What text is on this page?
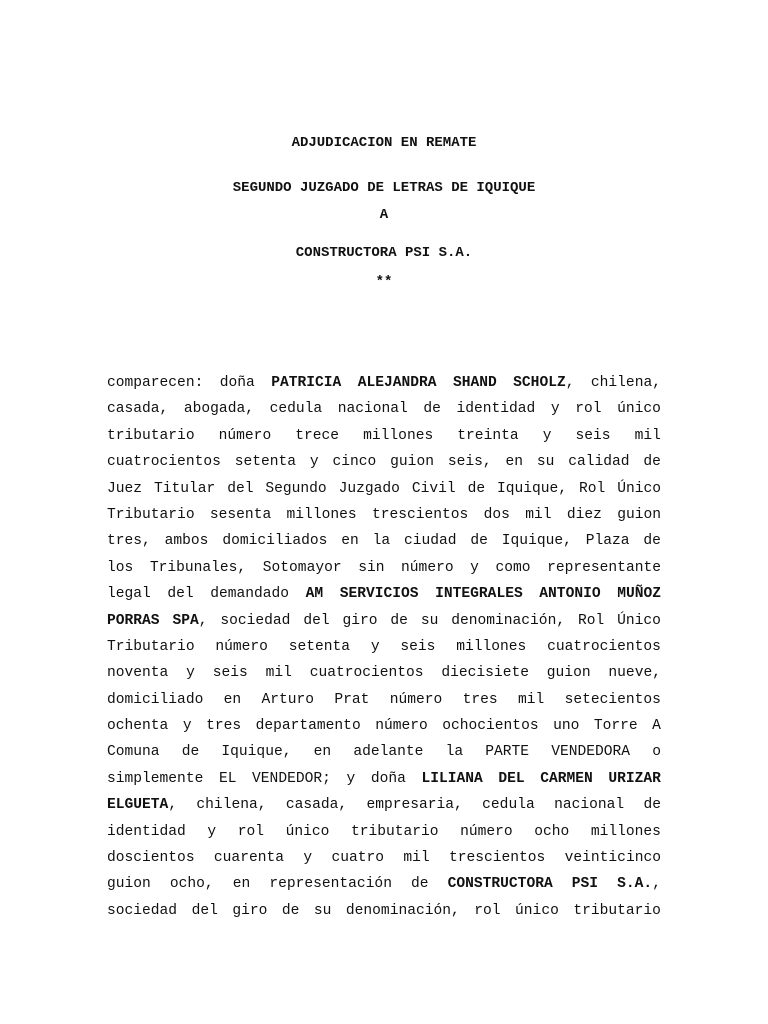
ADJUDICACION EN REMATE
SEGUNDO JUZGADO DE LETRAS DE IQUIQUE
A
CONSTRUCTORA PSI S.A.
**
comparecen: doña PATRICIA ALEJANDRA SHAND SCHOLZ, chilena,
casada, abogada, cedula nacional de identidad y rol único
tributario número trece millones treinta y seis mil
cuatrocientos setenta y cinco guion seis, en su calidad de
Juez Titular del Segundo Juzgado Civil de Iquique, Rol Único
Tributario sesenta millones trescientos dos mil diez guion
tres, ambos domiciliados en la ciudad de Iquique, Plaza de
los Tribunales, Sotomayor sin número y como representante
legal del demandado AM SERVICIOS INTEGRALES ANTONIO MUÑOZ
PORRAS SPA, sociedad del giro de su denominación, Rol Único
Tributario número setenta y seis millones cuatrocientos
noventa y seis mil cuatrocientos diecisiete guion nueve,
domiciliado en Arturo Prat número tres mil setecientos
ochenta y tres departamento número ochocientos uno Torre A
Comuna de Iquique, en adelante la PARTE VENDEDORA o
simplemente EL VENDEDOR; y doña LILIANA DEL CARMEN URIZAR
ELGUETA, chilena, casada, empresaria, cedula nacional de
identidad y rol único tributario número ocho millones
doscientos cuarenta y cuatro mil trescientos veinticinco
guion ocho, en representación de CONSTRUCTORA PSI S.A.,
sociedad del giro de su denominación, rol único tributario
